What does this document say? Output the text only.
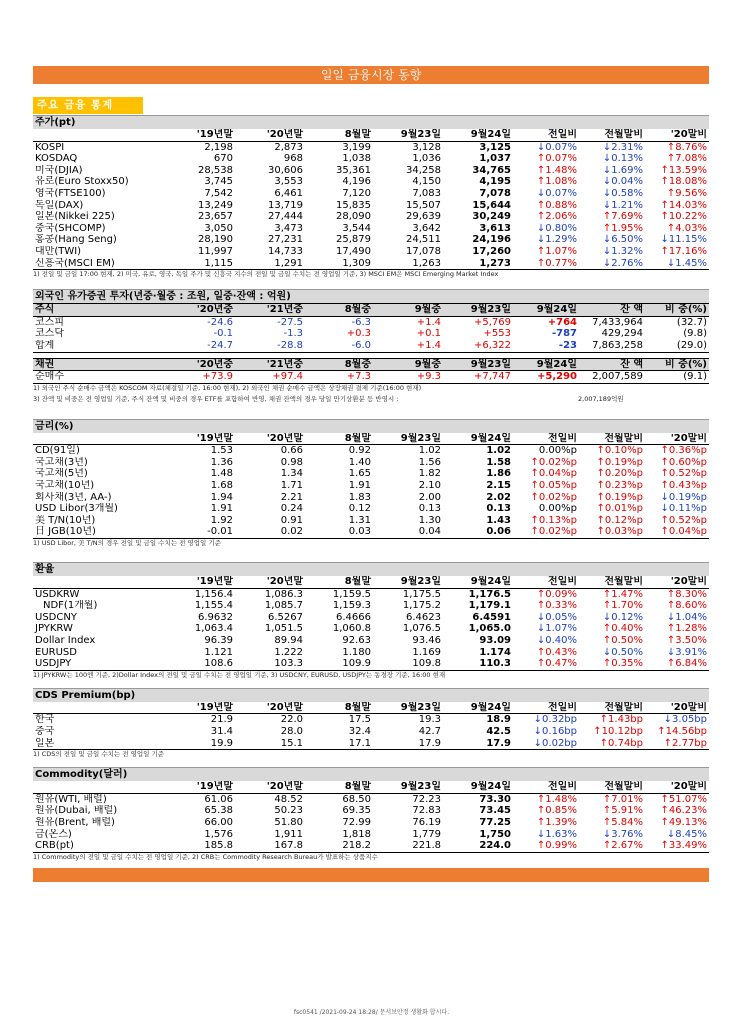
일일 금융시장 동향
주요 금융 통계
주가(pt)
	'19년말	'20년말	8월말	9월23일	9월24일	전일비	전월말비	'20말비
KOSPI	2,198	2,873	3,199	3,128	3,125	↓0.07%	↓2.31%	↑8.76%
KOSDAQ	670	968	1,038	1,036	1,037	↑0.07%	↓0.13%	↑7.08%
미국(DJIA)	28,538	30,606	35,361	34,258	34,765	↑1.48%	↓1.69%	↑13.59%
유로(Euro Stoxx50)	3,745	3,553	4,196	4,150	4,195	↑1.08%	↓0.04%	↑18.08%
영국(FTSE100)	7,542	6,461	7,120	7,083	7,078	↓0.07%	↓0.58%	↑9.56%
독일(DAX)	13,249	13,719	15,835	15,507	15,644	↑0.88%	↓1.21%	↑14.03%
일본(Nikkei 225)	23,657	27,444	28,090	29,639	30,249	↑2.06%	↑7.69%	↑10.22%
중국(SHCOMP)	3,050	3,473	3,544	3,642	3,613	↓0.80%	↑1.95%	↑4.03%
홍콩(Hang Seng)	28,190	27,231	25,879	24,511	24,196	↓1.29%	↓6.50%	↓11.15%
대만(TWI)	11,997	14,733	17,490	17,078	17,260	↑1.07%	↓1.32%	↑17.16%
신흥국(MSCI EM)	1,115	1,291	1,309	1,263	1,273	↑0.77%	↓2.76%	↓1.45%
1) 전일 및 금일 17:00 현재, 2) 미국, 유로, 영국, 독일 주가 및 신흥국 지수의 전일 및 금일 수치는 전 영업일 기준, 3) MSCI EM은 MSCI Emerging Market Index
외국인 유가증권 투자(년중·월중 : 조원, 일중·잔액 : 억원)
주식	'20년중	'21년중	8월중	9월중	9월23일	9월24일	잔 액	비 중(%)
코스피	-24.6	-27.5	-6.3	+1.4	+5,769	+764	7,433,964	(32.7)
코스닥	-0.1	-1.3	+0.3	+0.1	+553	-787	429,294	(9.8)
합계	-24.7	-28.8	-6.0	+1.4	+6,322	-23	7,863,258	(29.0)
채권	'20년중	'21년중	8월중	9월중	9월23일	9월24일	잔 액	비 중(%)
순매수	+73.9	+97.4	+7.3	+9.3	+7,747	+5,290	2,007,589	(9.1)
1) 외국인 주식 순매수 금액은 KOSCOM 자료(체결일 기준, 16:00 현재), 2) 외국인 채권 순매수 금액은 상장채권 결제 기준(16:00 현재)
3) 잔액 및 비중은 전 영업일 기준, 주식 잔액 및 비중의 경우 ETF를 포함하여 반영, 채권 잔액의 경우 당일 만기상환분 등 반영시 :	2,007,189억원
금리(%)
	'19년말	'20년말	8월말	9월23일	9월24일	전일비	전월말비	'20말비
CD(91일)	1.53	0.66	0.92	1.02	1.02	0.00%p	↑0.10%p	↑0.36%p
국고채(3년)	1.36	0.98	1.40	1.56	1.58	↑0.02%p	↑0.19%p	↑0.60%p
국고채(5년)	1.48	1.34	1.65	1.82	1.86	↑0.04%p	↑0.20%p	↑0.52%p
국고채(10년)	1.68	1.71	1.91	2.10	2.15	↑0.05%p	↑0.23%p	↑0.43%p
회사채(3년, AA-)	1.94	2.21	1.83	2.00	2.02	↑0.02%p	↑0.19%p	↓0.19%p
USD Libor(3개월)	1.91	0.24	0.12	0.13	0.13	0.00%p	↑0.01%p	↓0.11%p
美 T/N(10년)	1.92	0.91	1.31	1.30	1.43	↑0.13%p	↑0.12%p	↑0.52%p
日 JGB(10년)	-0.01	0.02	0.03	0.04	0.06	↑0.02%p	↑0.03%p	↑0.04%p
1) USD Libor, 美 T/N의 경우 전일 및 금일 수치는 전 영업일 기준
환율
	'19년말	'20년말	8월말	9월23일	9월24일	전일비	전월말비	'20말비
USDKRW	1,156.4	1,086.3	1,159.5	1,175.5	1,176.5	↑0.09%	↑1.47%	↑8.30%
NDF(1개월)	1,155.4	1,085.7	1,159.3	1,175.2	1,179.1	↑0.33%	↑1.70%	↑8.60%
USDCNY	6.9632	6.5267	6.4666	6.4623	6.4591	↓0.05%	↓0.12%	↓1.04%
JPYKRW	1,063.4	1,051.5	1,060.8	1,076.5	1,065.0	↓1.07%	↑0.40%	↑1.28%
Dollar Index	96.39	89.94	92.63	93.46	93.09	↓0.40%	↑0.50%	↑3.50%
EURUSD	1.121	1.222	1.180	1.169	1.174	↑0.43%	↓0.50%	↓3.91%
USDJPY	108.6	103.3	109.9	109.8	110.3	↑0.47%	↑0.35%	↑6.84%
1) JPYKRW는 100엔 기준, 2)Dollar Index의 전일 및 금일 수치는 전 영업일 기준, 3) USDCNY, EURUSD, USDJPY는 동경장 기준, 16:00 현재
CDS Premium(bp)
	'19년말	'20년말	8월말	9월23일	9월24일	전일비	전월말비	'20말비
한국	21.9	22.0	17.5	19.3	18.9	↓0.32bp	↑1.43bp	↓3.05bp
중국	31.4	28.0	32.4	42.7	42.5	↓0.16bp	↑10.12bp	↑14.56bp
일본	19.9	15.1	17.1	17.9	17.9	↓0.02bp	↑0.74bp	↑2.77bp
1) CDS의 전일 및 금일 수치는 전 영업일 기준
Commodity(달러)
	'19년말	'20년말	8월말	9월23일	9월24일	전일비	전월말비	'20말비
원유(WTI, 배럴)	61.06	48.52	68.50	72.23	73.30	↑1.48%	↑7.01%	↑51.07%
원유(Dubai, 배럴)	65.38	50.23	69.35	72.83	73.45	↑0.85%	↑5.91%	↑46.23%
원유(Brent, 배럴)	66.00	51.80	72.99	76.19	77.25	↑1.39%	↑5.84%	↑49.13%
금(온스)	1,576	1,911	1,818	1,779	1,750	↓1.63%	↓3.76%	↓8.45%
CRB(pt)	185.8	167.8	218.2	221.8	224.0	↑0.99%	↑2.67%	↑33.49%
1) Commodity의 전일 및 금일 수치는 전 영업일 기준, 2) CRB는 Commodity Research Bureau가 발표하는 상품지수
fsc0541 /2021-09-24 18:28/ 문서보안정 생활화 합시다.
